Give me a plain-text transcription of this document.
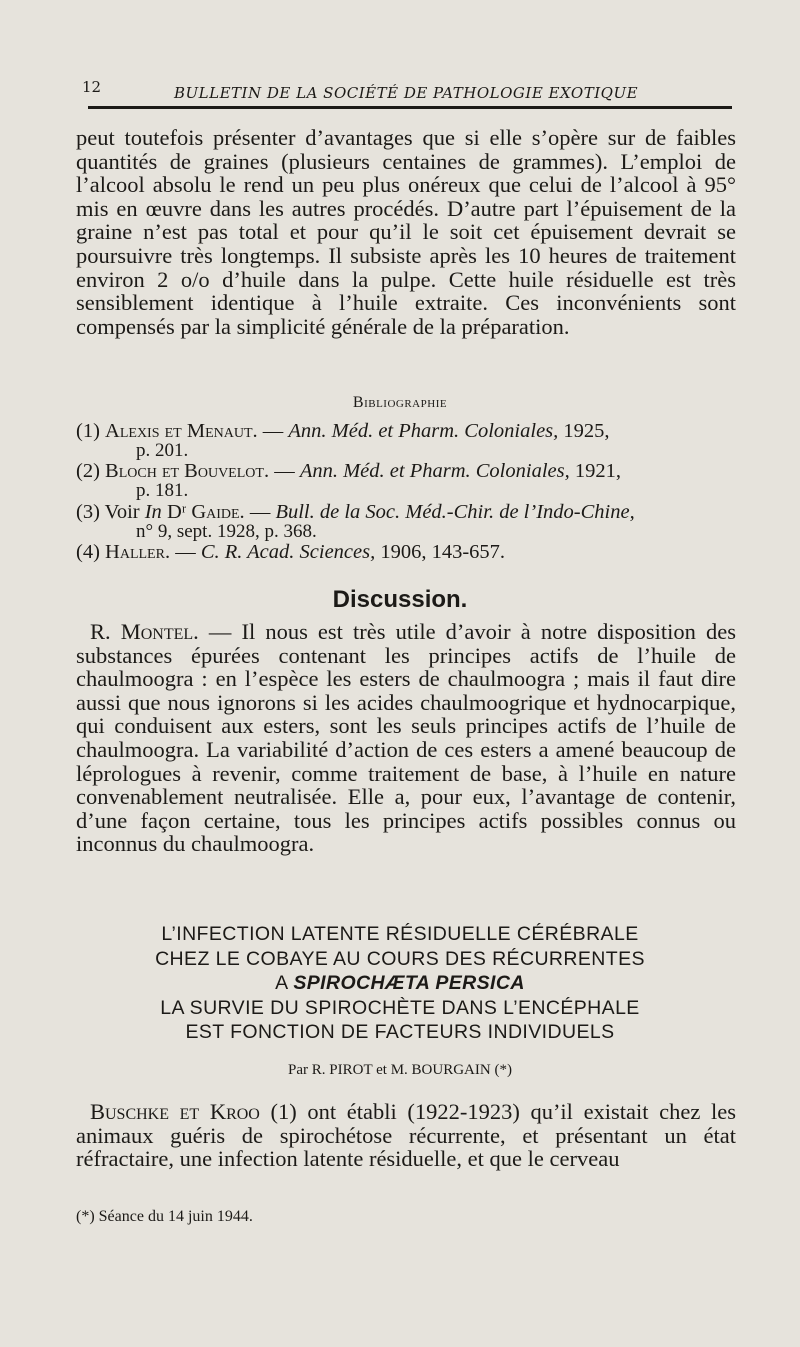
12	BULLETIN DE LA SOCIÉTÉ DE PATHOLOGIE EXOTIQUE
peut toutefois présenter d’avantages que si elle s’opère sur de faibles quantités de graines (plusieurs centaines de grammes). L’emploi de l’alcool absolu le rend un peu plus onéreux que celui de l’alcool à 95° mis en œuvre dans les autres procédés. D’autre part l’épuisement de la graine n’est pas total et pour qu’il le soit cet épuisement devrait se poursuivre très longtemps. Il subsiste après les 10 heures de traitement environ 2 o/o d’huile dans la pulpe. Cette huile résiduelle est très sensiblement identique à l’huile extraite. Ces inconvénients sont compensés par la simplicité générale de la préparation.
Bibliographie
(1) Alexis et Menaut. — Ann. Méd. et Pharm. Coloniales, 1925,
p. 201.
(2) Bloch et Bouvelot. — Ann. Méd. et Pharm. Coloniales, 1921,
p. 181.
(3) Voir In Dʳ Gaide. — Bull. de la Soc. Méd.-Chir. de l’Indo-Chine,
n° 9, sept. 1928, p. 368.
(4) Haller. — C. R. Acad. Sciences, 1906, 143-657.
Discussion.
R. Montel. — Il nous est très utile d’avoir à notre disposition des substances épurées contenant les principes actifs de l’huile de chaulmoogra : en l’espèce les esters de chaulmoogra ; mais il faut dire aussi que nous ignorons si les acides chaulmoogrique et hydnocarpique, qui conduisent aux esters, sont les seuls principes actifs de l’huile de chaulmoogra. La variabilité d’action de ces esters a amené beaucoup de léprologues à revenir, comme traitement de base, à l’huile en nature convenablement neutralisée. Elle a, pour eux, l’avantage de contenir, d’une façon certaine, tous les principes actifs possibles connus ou inconnus du chaulmoogra.
L’INFECTION LATENTE RÉSIDUELLE CÉRÉBRALE
CHEZ LE COBAYE AU COURS DES RÉCURRENTES
A SPIROCHÆTA PERSICA
LA SURVIE DU SPIROCHÈTE DANS L’ENCÉPHALE
EST FONCTION DE FACTEURS INDIVIDUELS
Par R. PIROT et M. BOURGAIN (*)
Buschke et Kroo (1) ont établi (1922-1923) qu’il existait chez les animaux guéris de spirochétose récurrente, et présentant un état réfractaire, une infection latente résiduelle, et que le cerveau
(*) Séance du 14 juin 1944.
